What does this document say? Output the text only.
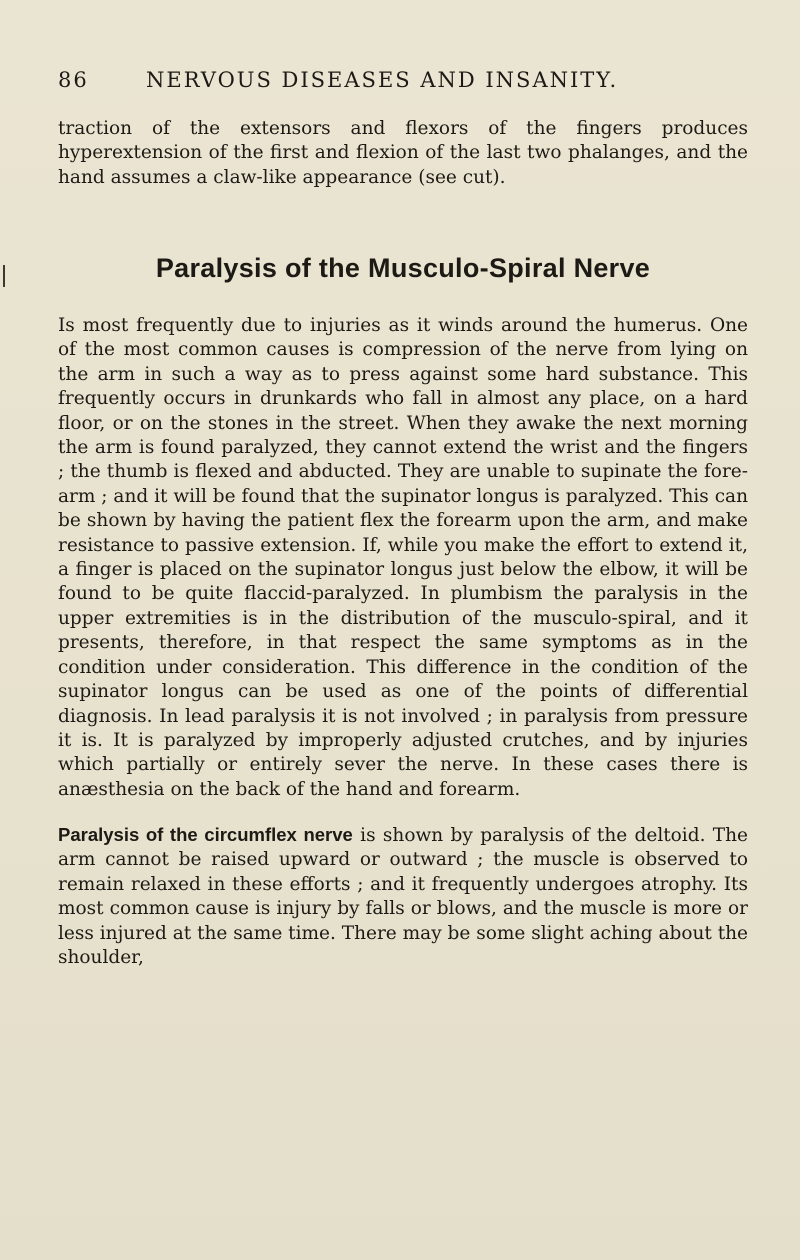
86	NERVOUS DISEASES AND INSANITY.

traction of the extensors and flexors of the fingers produces hyperextension of the first and flexion of the last two phalanges, and the hand assumes a claw-like appearance (see cut).

Paralysis of the Musculo-Spiral Nerve

Is most frequently due to injuries as it winds around the humerus. One of the most common causes is compression of the nerve from lying on the arm in such a way as to press against some hard substance. This frequently occurs in drunkards who fall in almost any place, on a hard floor, or on the stones in the street. When they awake the next morning the arm is found paralyzed, they cannot extend the wrist and the fingers ; the thumb is flexed and abducted. They are unable to supinate the fore-arm ; and it will be found that the supinator longus is paralyzed. This can be shown by having the patient flex the forearm upon the arm, and make resistance to passive extension. If, while you make the effort to extend it, a finger is placed on the supinator longus just below the elbow, it will be found to be quite flaccid-paralyzed. In plumbism the paralysis in the upper extremities is in the distribution of the musculo-spiral, and it presents, therefore, in that respect the same symptoms as in the condition under consideration. This difference in the condition of the supinator longus can be used as one of the points of differential diagnosis. In lead paralysis it is not involved ; in paralysis from pressure it is. It is paralyzed by improperly adjusted crutches, and by injuries which partially or entirely sever the nerve. In these cases there is anæsthesia on the back of the hand and forearm.

Paralysis of the circumflex nerve is shown by paralysis of the deltoid. The arm cannot be raised upward or outward ; the muscle is observed to remain relaxed in these efforts ; and it frequently undergoes atrophy. Its most common cause is injury by falls or blows, and the muscle is more or less injured at the same time. There may be some slight aching about the shoulder,
